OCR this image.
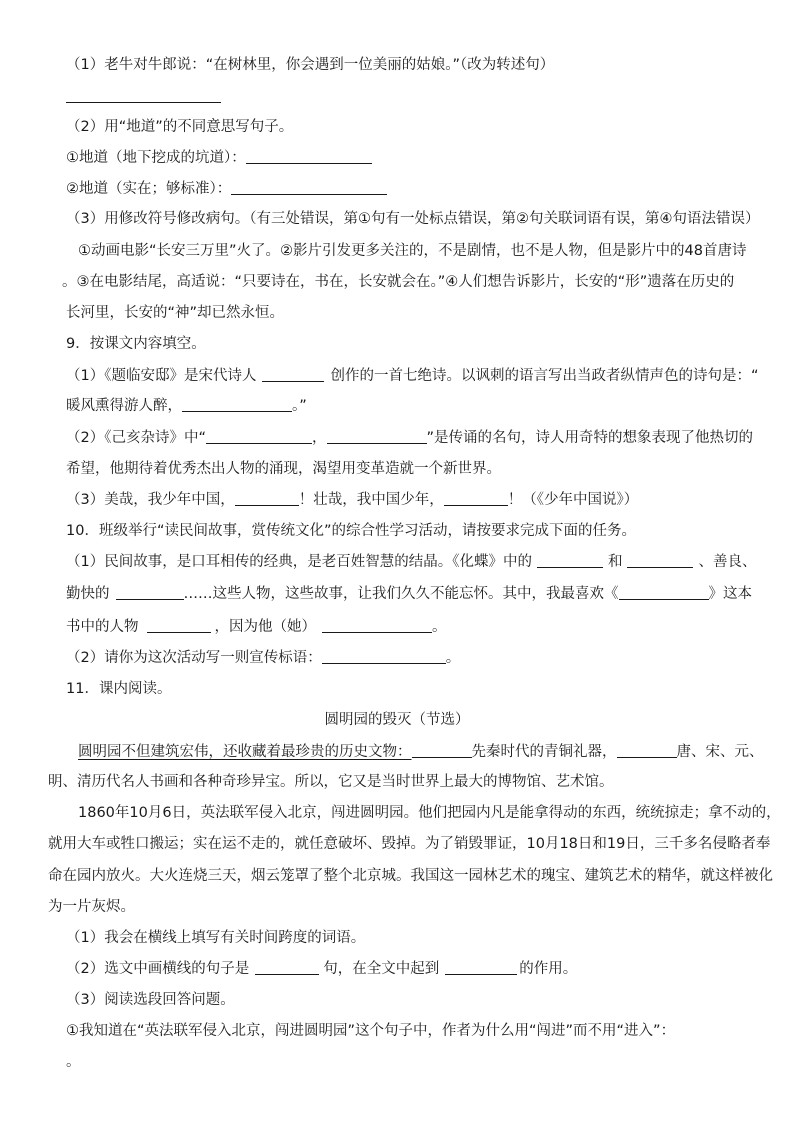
（1）老牛对牛郎说：“在树林里，你会遇到一位美丽的姑娘。”（改为转述句）
（2）用“地道”的不同意思写句子。
①地道（地下挖成的坑道）：
②地道（实在；够标准）：
（3）用修改符号修改病句。（有三处错误，第①句有一处标点错误，第②句关联词语有误，第④句语法错误）
①动画电影“长安三万里”火了。②影片引发更多关注的，不是剧情，也不是人物，但是影片中的48首唐诗
。③在电影结尾，高适说：“只要诗在，书在，长安就会在。”④人们想告诉影片，长安的“形”遗落在历史的
长河里，长安的“神”却已然永恒。
9．按课文内容填空。
（1）《题临安邸》是宋代诗人	创作的一首七绝诗。以讽刺的语言写出当政者纵情声色的诗句是：“
暖风熏得游人醉，	。”
（2）《己亥杂诗》中“	，	”是传诵的名句，诗人用奇特的想象表现了他热切的
希望，他期待着优秀杰出人物的涌现，渴望用变革造就一个新世界。
（3）美哉，我少年中国，	！壮哉，我中国少年，	！（《少年中国说》）
10．班级举行“读民间故事，赏传统文化”的综合性学习活动，请按要求完成下面的任务。
（1）民间故事，是口耳相传的经典，是老百姓智慧的结晶。《化蝶》中的	和	、善良、
勤快的	……这些人物，这些故事，让我们久久不能忘怀。其中，我最喜欢《	》这本
书中的人物	，因为他（她）	。
（2）请你为这次活动写一则宣传标语：	。
11．课内阅读。
圆明园的毁灭（节选）
圆明园不但建筑宏伟，还收藏着最珍贵的历史文物：	先秦时代的青铜礼器，	唐、宋、元、
明、清历代名人书画和各种奇珍异宝。所以，它又是当时世界上最大的博物馆、艺术馆。
1860年10月6日，英法联军侵入北京，闯进圆明园。他们把园内凡是能拿得动的东西，统统掠走；拿不动的，
就用大车或牲口搬运；实在运不走的，就任意破坏、毁掉。为了销毁罪证，10月18日和19日，三千多名侵略者奉
命在园内放火。大火连烧三天，烟云笼罩了整个北京城。我国这一园林艺术的瑰宝、建筑艺术的精华，就这样被化
为一片灰烬。
（1）我会在横线上填写有关时间跨度的词语。
（2）选文中画横线的句子是	句，在全文中起到	的作用。
（3）阅读选段回答问题。
①我知道在“英法联军侵入北京，闯进圆明园”这个句子中，作者为什么用“闯进”而不用“进入”：
。
